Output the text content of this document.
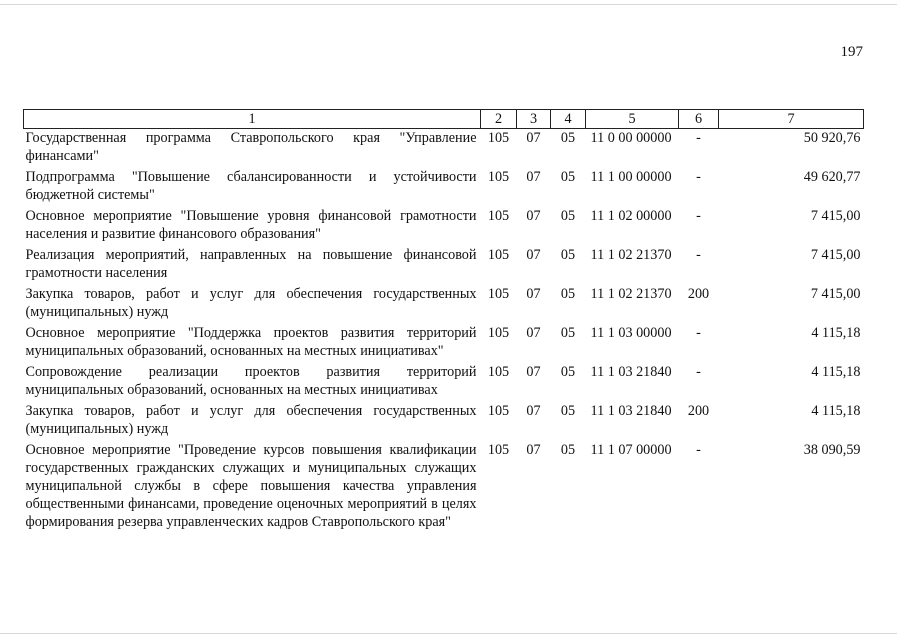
197
1	2	3	4	5	6	7
Государственная программа Ставропольского края "Управление финансами"	105	07	05	11 0 00 00000	-	50 920,76
Подпрограмма "Повышение сбалансированности и устойчивости бюджетной системы"	105	07	05	11 1 00 00000	-	49 620,77
Основное мероприятие "Повышение уровня финансовой грамотности населения и развитие финансового образования"	105	07	05	11 1 02 00000	-	7 415,00
Реализация мероприятий, направленных на повышение финансовой грамотности населения	105	07	05	11 1 02 21370	-	7 415,00
Закупка товаров, работ и услуг для обеспечения государственных (муниципальных) нужд	105	07	05	11 1 02 21370	200	7 415,00
Основное мероприятие "Поддержка проектов развития территорий муниципальных образований, основанных на местных инициативах"	105	07	05	11 1 03 00000	-	4 115,18
Сопровождение реализации проектов развития территорий муниципальных образований, основанных на местных инициативах	105	07	05	11 1 03 21840	-	4 115,18
Закупка товаров, работ и услуг для обеспечения государственных (муниципальных) нужд	105	07	05	11 1 03 21840	200	4 115,18
Основное мероприятие "Проведение курсов повышения квалификации государственных гражданских служащих и муниципальных служащих муниципальной службы в сфере повышения качества управления общественными финансами, проведение оценочных мероприятий в целях формирования резерва управленческих кадров Ставропольского края"	105	07	05	11 1 07 00000	-	38 090,59
